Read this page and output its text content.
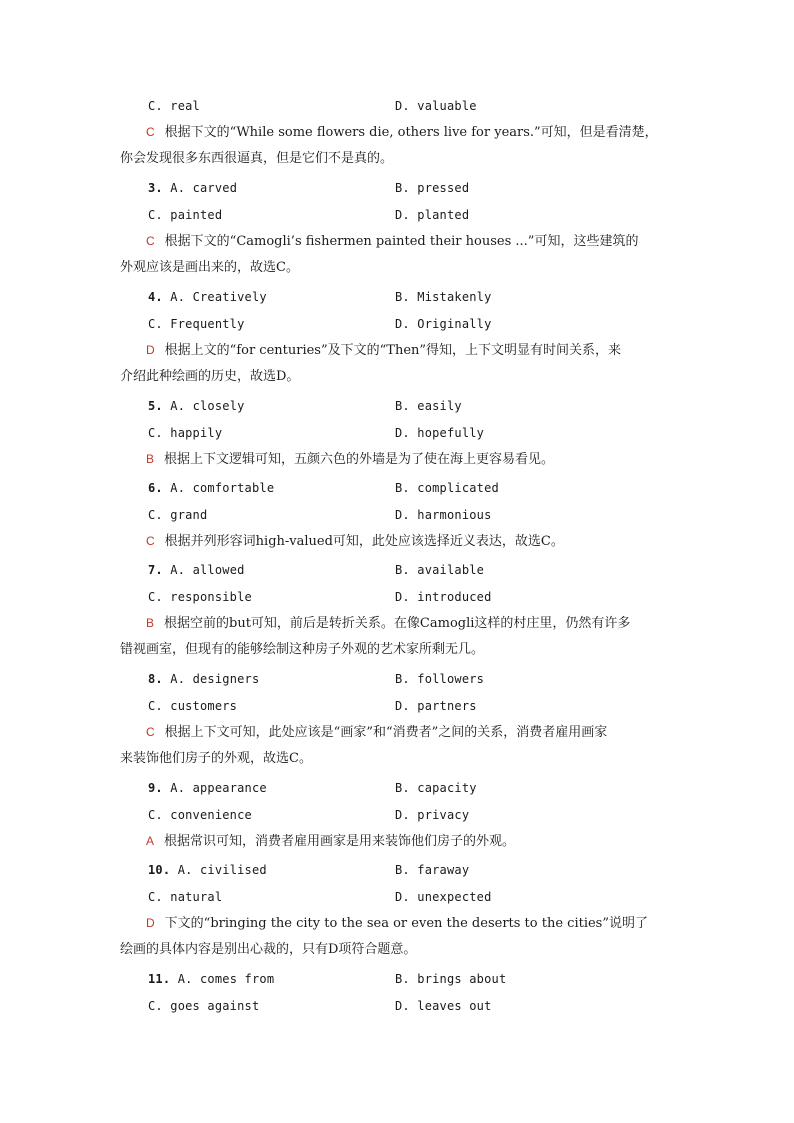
C. real	D. valuable
C 根据下文的“While some flowers die, others live for years.”可知，但是看清楚，
你会发现很多东西很逼真，但是它们不是真的。
3. A. carved	B. pressed
C. painted	D. planted
C 根据下文的“Camogli’s fishermen painted their houses ...”可知，这些建筑的
外观应该是画出来的，故选C。
4. A. Creatively	B. Mistakenly
C. Frequently	D. Originally
D 根据上文的“for centuries”及下文的“Then”得知，上下文明显有时间关系，来
介绍此种绘画的历史，故选D。
5. A. closely	B. easily
C. happily	D. hopefully
B 根据上下文逻辑可知，五颜六色的外墙是为了使在海上更容易看见。
6. A. comfortable	B. complicated
C. grand	D. harmonious
C 根据并列形容词high-valued可知，此处应该选择近义表达，故选C。
7. A. allowed	B. available
C. responsible	D. introduced
B 根据空前的but可知，前后是转折关系。在像Camogli这样的村庄里，仍然有许多
错视画室，但现有的能够绘制这种房子外观的艺术家所剩无几。
8. A. designers	B. followers
C. customers	D. partners
C 根据上下文可知，此处应该是“画家”和“消费者”之间的关系，消费者雇用画家
来装饰他们房子的外观，故选C。
9. A. appearance	B. capacity
C. convenience	D. privacy
A 根据常识可知，消费者雇用画家是用来装饰他们房子的外观。
10. A. civilised	B. faraway
C. natural	D. unexpected
D 下文的“bringing the city to the sea or even the deserts to the cities”说明了
绘画的具体内容是别出心裁的，只有D项符合题意。
11. A. comes from	B. brings about
C. goes against	D. leaves out
